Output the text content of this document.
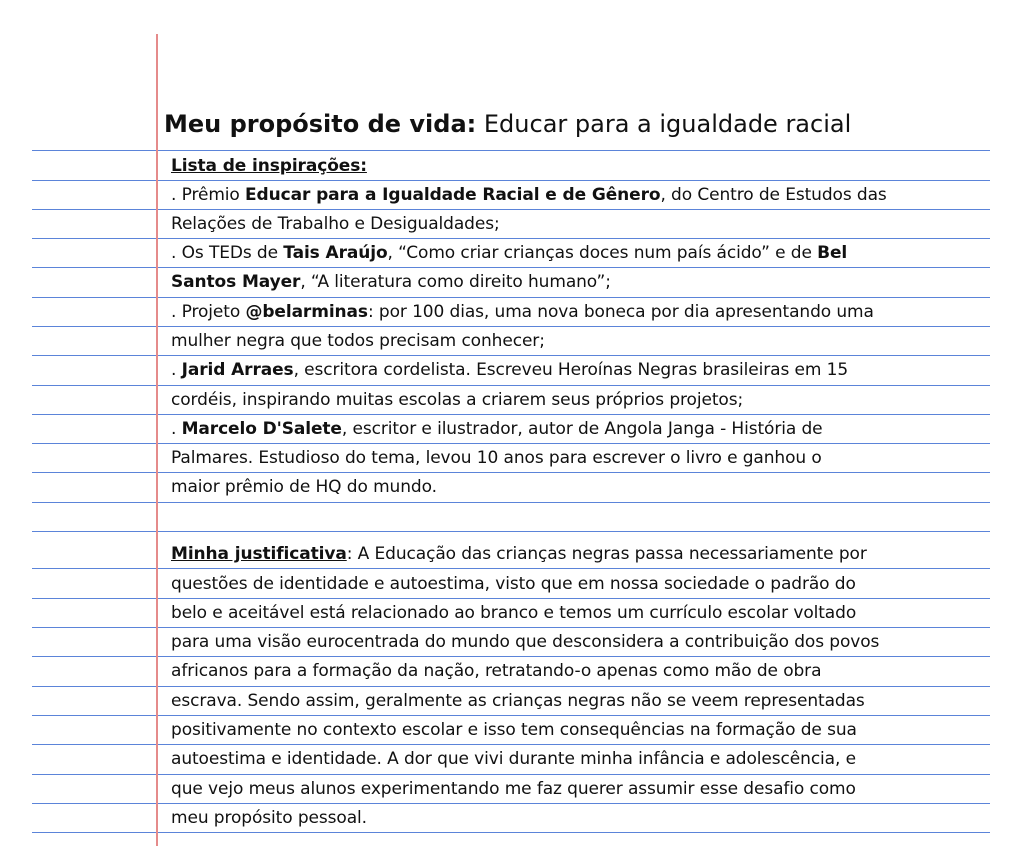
Meu propósito de vida: Educar para a igualdade racial
Lista de inspirações:
. Prêmio Educar para a Igualdade Racial e de Gênero, do Centro de Estudos das
Relações de Trabalho e Desigualdades;
. Os TEDs de Tais Araújo, “Como criar crianças doces num país ácido” e de Bel
Santos Mayer, “A literatura como direito humano”;
. Projeto @belarminas: por 100 dias, uma nova boneca por dia apresentando uma
mulher negra que todos precisam conhecer;
. Jarid Arraes, escritora cordelista. Escreveu Heroínas Negras brasileiras em 15
cordéis, inspirando muitas escolas a criarem seus próprios projetos;
. Marcelo D'Salete, escritor e ilustrador, autor de Angola Janga - História de
Palmares. Estudioso do tema, levou 10 anos para escrever o livro e ganhou o
maior prêmio de HQ do mundo.
Minha justificativa: A Educação das crianças negras passa necessariamente por
questões de identidade e autoestima, visto que em nossa sociedade o padrão do
belo e aceitável está relacionado ao branco e temos um currículo escolar voltado
para uma visão eurocentrada do mundo que desconsidera a contribuição dos povos
africanos para a formação da nação, retratando-o apenas como mão de obra
escrava. Sendo assim, geralmente as crianças negras não se veem representadas
positivamente no contexto escolar e isso tem consequências na formação de sua
autoestima e identidade. A dor que vivi durante minha infância e adolescência, e
que vejo meus alunos experimentando me faz querer assumir esse desafio como
meu propósito pessoal.
